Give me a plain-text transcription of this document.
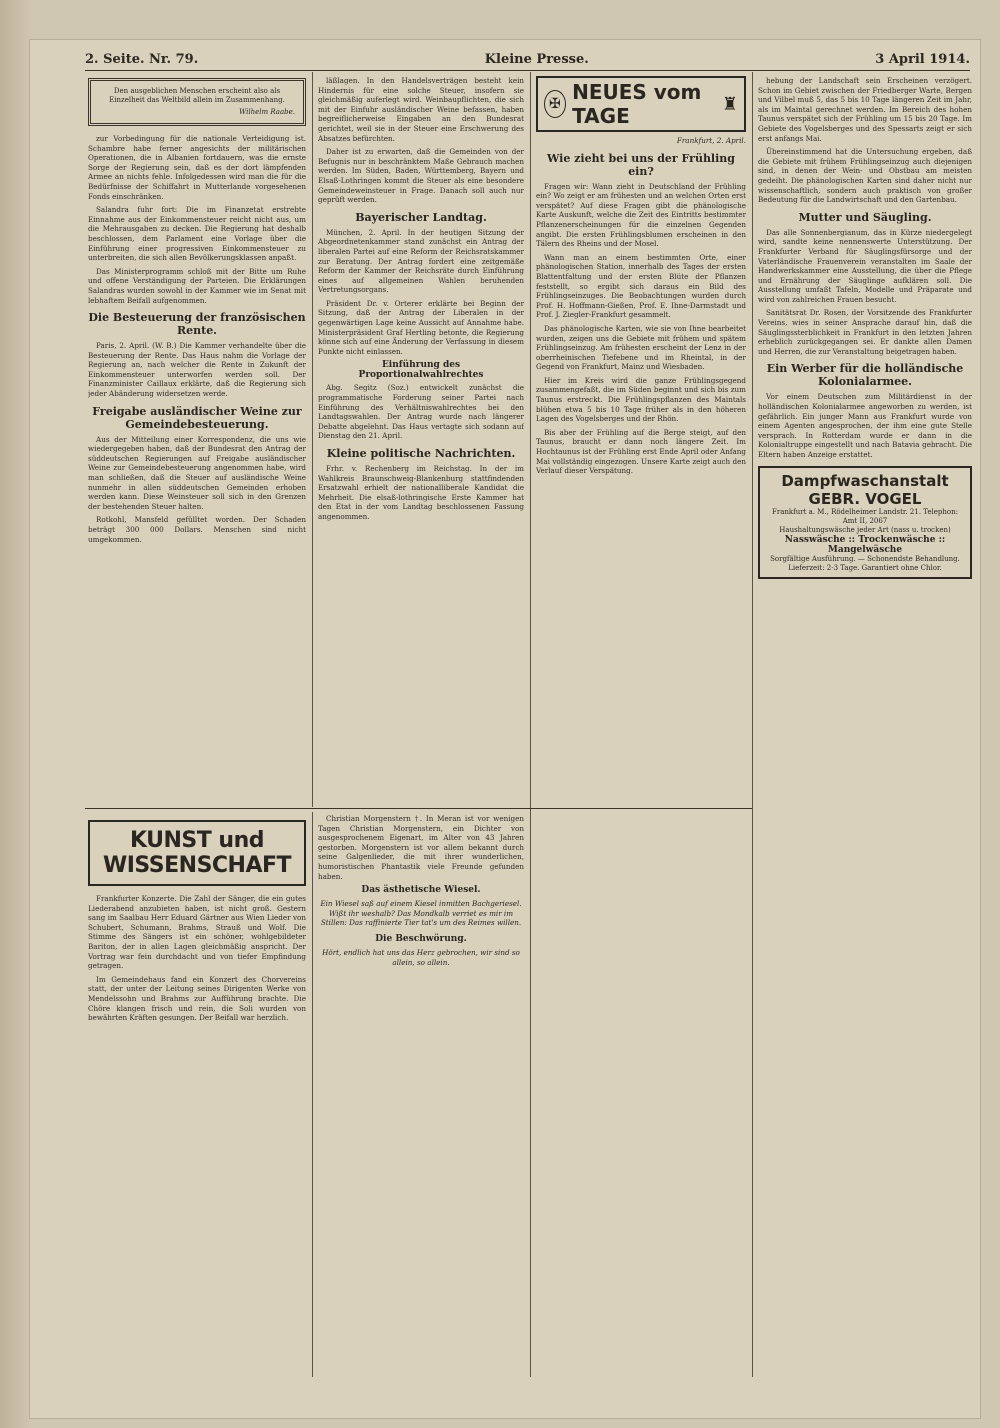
2. Seite. Nr. 79.	Kleine Presse.	3 April 1914.
Den ausgeblichen Menschen erscheint also als Einzelheit das Weltbild allein im Zusammenhang.
Wilhelm Raabe.

zur Vorbedingung für die nationale Verteidigung ist. Schambre habe ferner angesichts der militärischen Operationen, die in Albanien fortdauern, was die ernste Sorge der Regierung sein, daß es der dort lämpfenden Armee an nichts fehle. Infolgedessen wird man die für die Bedürfnisse der Schiffahrt in Mutterlande vorgesehenen Fonds einschränken.

Salandra fuhr fort: Die im Finanzetat erstrebte Einnahme aus der Einkommensteuer reicht nicht aus, um die Mehrausgaben zu decken. Die Regierung hat deshalb beschlossen, dem Parlament eine Vorlage über die Einführung einer progressiven Einkommensteuer zu unterbreiten, die sich allen Bevölkerungsklassen anpaßt.

Das Ministerprogramm schloß mit der Bitte um Ruhe und offene Verständigung der Parteien. Die Erklärungen Salandras wurden sowohl in der Kammer wie im Senat mit lebhaftem Beifall aufgenommen.

Die Besteuerung der französischen Rente.

Paris, 2. April. (W. B.) Die Kammer verhandelte über die Besteuerung der Rente. Das Haus nahm die Vorlage der Regierung an, nach welcher die Rente in Zukunft der Einkommensteuer unterworfen werden soll. Der Finanzminister Caillaux erklärte, daß die Regierung sich jeder Abänderung widersetzen werde.

Freigabe ausländischer Weine zur Gemeindebesteuerung.

Aus der Mitteilung einer Korrespondenz, die uns wie wiedergegeben haben, daß der Bundesrat den Antrag der süddeutschen Regierungen auf Freigabe ausländischer Weine zur Gemeindebesteuerung angenommen habe, wird man schließen, daß die Steuer auf ausländische Weine nunmehr in allen süddeutschen Gemeinden erhoben werden kann. Diese Weinsteuer soll sich in den Grenzen der bestehenden Steuer halten.

Rotkohl, Mansfeld gefülltet worden. Der Schaden beträgt 300 000 Dollars. Menschen sind nicht umgekommen.

läßlagen. In den Handelsverträgen besteht kein Hindernis für eine solche Steuer, insofern sie gleichmäßig auferlegt wird. Weinbaupflichten, die sich mit der Einfuhr ausländischer Weine befassen, haben begreiflicherweise Eingaben an den Bundesrat gerichtet, weil sie in der Steuer eine Erschwerung des Absatzes befürchten.

Daher ist zu erwarten, daß die Gemeinden von der Befugnis nur in beschränktem Maße Gebrauch machen werden. Im Süden, Baden, Württemberg, Bayern und Elsaß-Lothringen kommt die Steuer als eine besondere Gemeindeweinsteuer in Frage. Danach soll auch nur geprüft werden.

Bayerischer Landtag.

München, 2. April. In der heutigen Sitzung der Abgeordnetenkammer stand zunächst ein Antrag der liberalen Partei auf eine Reform der Reichsratskammer zur Beratung. Der Antrag fordert eine zeitgemäße Reform der Kammer der Reichsräte durch Einführung eines auf allgemeinen Wahlen beruhenden Vertretungsorgans.

Präsident Dr. v. Orterer erklärte bei Beginn der Sitzung, daß der Antrag der Liberalen in der gegenwärtigen Lage keine Aussicht auf Annahme habe. Ministerpräsident Graf Hertling betonte, die Regierung könne sich auf eine Änderung der Verfassung in diesem Punkte nicht einlassen.

Einführung des Proportionalwahlrechtes

Abg. Segitz (Soz.) entwickelt zunächst die programmatische Forderung seiner Partei nach Einführung des Verhältniswahlrechtes bei den Landtagswahlen. Der Antrag wurde nach längerer Debatte abgelehnt. Das Haus vertagte sich sodann auf Dienstag den 21. April.

Kleine politische Nachrichten.

Frhr. v. Rechenberg im Reichstag. In der im Wahlkreis Braunschweig-Blankenburg stattfindenden Ersatzwahl erhielt der nationalliberale Kandidat die Mehrheit. Die elsaß-lothringische Erste Kammer hat den Etat in der vom Landtag beschlossenen Fassung angenommen.

✠ NEUES vom TAGE	♜

Frankfurt, 2. April.

Wie zieht bei uns der Frühling ein?

Fragen wir: Wann zieht in Deutschland der Frühling ein? Wo zeigt er am frühesten und an welchen Orten erst verspätet? Auf diese Fragen gibt die phänologische Karte Auskunft, welche die Zeit des Eintritts bestimmter Pflanzenerscheinungen für die einzelnen Gegenden angibt. Die ersten Frühlingsblumen erscheinen in den Tälern des Rheins und der Mosel.

Wann man an einem bestimmten Orte, einer phänologischen Station, innerhalb des Tages der ersten Blattentfaltung und der ersten Blüte der Pflanzen feststellt, so ergibt sich daraus ein Bild des Frühlingseinzuges. Die Beobachtungen wurden durch Prof. H. Hoffmann-Gießen, Prof. E. Ihne-Darmstadt und Prof. J. Ziegler-Frankfurt gesammelt.

Das phänologische Karten, wie sie von Ihne bearbeitet wurden, zeigen uns die Gebiete mit frühem und spätem Frühlingseinzug. Am frühesten erscheint der Lenz in der oberrheinischen Tiefebene und im Rheintal, in der Gegend von Frankfurt, Mainz und Wiesbaden.

Hier im Kreis wird die ganze Frühlingsgegend zusammengefaßt, die im Süden beginnt und sich bis zum Taunus erstreckt. Die Frühlingspflanzen des Maintals blühen etwa 5 bis 10 Tage früher als in den höheren Lagen des Vogelsberges und der Rhön.

Bis aber der Frühling auf die Berge steigt, auf den Taunus, braucht er dann noch längere Zeit. Im Hochtaunus ist der Frühling erst Ende April oder Anfang Mai vollständig eingezogen. Unsere Karte zeigt auch den Verlauf dieser Verspätung.

hebung der Landschaft sein Erscheinen verzögert. Schon im Gebiet zwischen der Friedberger Warte, Bergen und Vilbel muß 5, das 5 bis 10 Tage längeren Zeit im Jahr, als im Maintal gerechnet werden. Im Bereich des hohen Taunus verspätet sich der Frühling um 15 bis 20 Tage. Im Gebiete des Vogelsberges und des Spessarts zeigt er sich erst anfangs Mai.

Übereinstimmend hat die Untersuchung ergeben, daß die Gebiete mit frühem Frühlingseinzug auch diejenigen sind, in denen der Wein- und Obstbau am meisten gedeiht. Die phänologischen Karten sind daher nicht nur wissenschaftlich, sondern auch praktisch von großer Bedeutung für die Landwirtschaft und den Gartenbau.

Mutter und Säugling.

Das alle Sonnenbergianum, das in Kürze niedergelegt wird, sandte keine nennenswerte Unterstützung. Der Frankfurter Verband für Säuglingsfürsorge und der Vaterländische Frauenverein veranstalten im Saale der Handwerkskammer eine Ausstellung, die über die Pflege und Ernährung der Säuglinge aufklären soll. Die Ausstellung umfaßt Tafeln, Modelle und Präparate und wird von zahlreichen Frauen besucht.

Sanitätsrat Dr. Rosen, der Vorsitzende des Frankfurter Vereins, wies in seiner Ansprache darauf hin, daß die Säuglingssterblichkeit in Frankfurt in den letzten Jahren erheblich zurückgegangen sei. Er dankte allen Damen und Herren, die zur Veranstaltung beigetragen haben.

Ein Werber für die holländische Kolonialarmee.

Vor einem Deutschen zum Militärdienst in der holländischen Kolonialarmee angeworben zu werden, ist gefährlich. Ein junger Mann aus Frankfurt wurde von einem Agenten angesprochen, der ihm eine gute Stelle versprach. In Rotterdam wurde er dann in die Kolonialtruppe eingestellt und nach Batavia gebracht. Die Eltern haben Anzeige erstattet.

Dampfwaschanstalt GEBR. VOGEL
Frankfurt a. M., Rödelheimer Landstr. 21. Telephon: Amt II, 2067
Haushaltungswäsche jeder Art (nass u. trocken)
Nasswäsche :: Trockenwäsche :: Mangelwäsche
Sorgfältige Ausführung. — Schonendste Behandlung.
Lieferzeit: 2-3 Tage. Garantiert ohne Chlor.
KUNST und WISSENSCHAFT

Frankfurter Konzerte. Die Zahl der Sänger, die ein gutes Liederabend anzubieten haben, ist nicht groß. Gestern sang im Saalbau Herr Eduard Gärtner aus Wien Lieder von Schubert, Schumann, Brahms, Strauß und Wolf. Die Stimme des Sängers ist ein schöner, wohlgebildeter Bariton, der in allen Lagen gleichmäßig anspricht. Der Vortrag war fein durchdacht und von tiefer Empfindung getragen.

Im Gemeindehaus fand ein Konzert des Chorvereins statt, der unter der Leitung seines Dirigenten Werke von Mendelssohn und Brahms zur Aufführung brachte. Die Chöre klangen frisch und rein, die Soli wurden von bewährten Kräften gesungen. Der Beifall war herzlich.

Christian Morgenstern †. In Meran ist vor wenigen Tagen Christian Morgenstern, ein Dichter von ausgesprochenem Eigenart, im Alter von 43 Jahren gestorben. Morgenstern ist vor allem bekannt durch seine Galgenlieder, die mit ihrer wunderlichen, humoristischen Phantastik viele Freunde gefunden haben.

Das ästhetische Wiesel.

Ein Wiesel saß auf einem Kiesel inmitten Bachgeriesel. Wißt ihr weshalb? Das Mondkalb verriet es mir im Stillen: Das raffinierte Tier tat's um des Reimes willen.

Die Beschwörung.

Hört, endlich hat uns das Herz gebrochen, wir sind so allein, so allein.
